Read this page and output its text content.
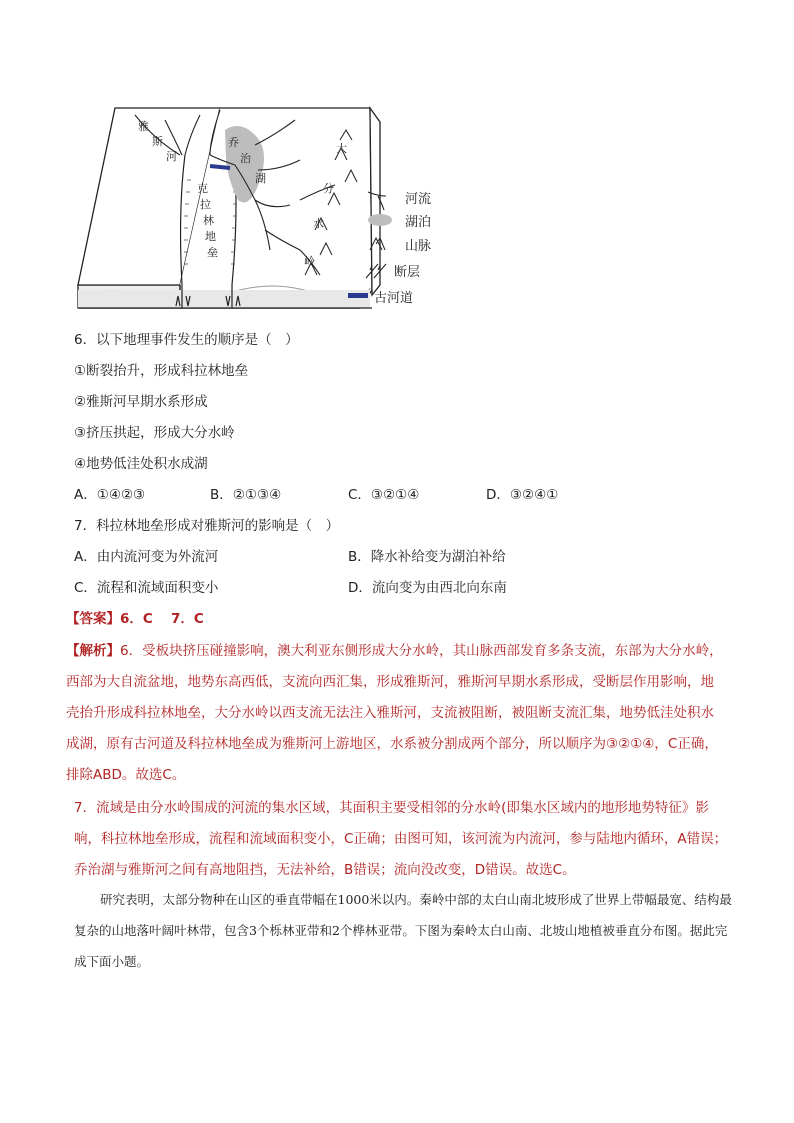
雅
斯
河
克
拉
林
地
垒
乔
治
湖
大
分
水
岭
河流
湖泊
山脉
断层
古河道
6．以下地理事件发生的顺序是（　）
①断裂抬升，形成科拉林地垒
②雅斯河早期水系形成
③挤压拱起，形成大分水岭
④地势低洼处积水成湖
A．①④②③	B．②①③④	C．③②①④	D．③②④①
7．科拉林地垒形成对雅斯河的影响是（　）
A．由内流河变为外流河	B．降水补给变为湖泊补给
C．流程和流域面积变小	D．流向变为由西北向东南
【答案】6．C　 7．C
【解析】6．受板块挤压碰撞影响，澳大利亚东侧形成大分水岭，其山脉西部发育多条支流，东部为大分水岭，西部为大自流盆地，地势东高西低，支流向西汇集，形成雅斯河，雅斯河早期水系形成，受断层作用影响，地壳抬升形成科拉林地垒，大分水岭以西支流无法注入雅斯河，支流被阻断，被阻断支流汇集，地势低洼处积水成湖，原有古河道及科拉林地垒成为雅斯河上游地区，水系被分割成两个部分，所以顺序为③②①④，C正确，排除ABD。故选C。
7．流域是由分水岭围成的河流的集水区域，其面积主要受相邻的分水岭(即集水区域内的地形地势特征》影响，科拉林地垒形成，流程和流域面积变小，C正确；由图可知，该河流为内流河，参与陆地内循环，A错误；乔治湖与雅斯河之间有高地阻挡，无法补给，B错误；流向没改变，D错误。故选C。
研究表明，太部分物种在山区的垂直带幅在1000米以内。秦岭中部的太白山南北坡形成了世界上带幅最宽、结构最复杂的山地落叶阔叶林带，包含3个栎林亚带和2个桦林亚带。下图为秦岭太白山南、北坡山地植被垂直分布图。据此完成下面小题。
